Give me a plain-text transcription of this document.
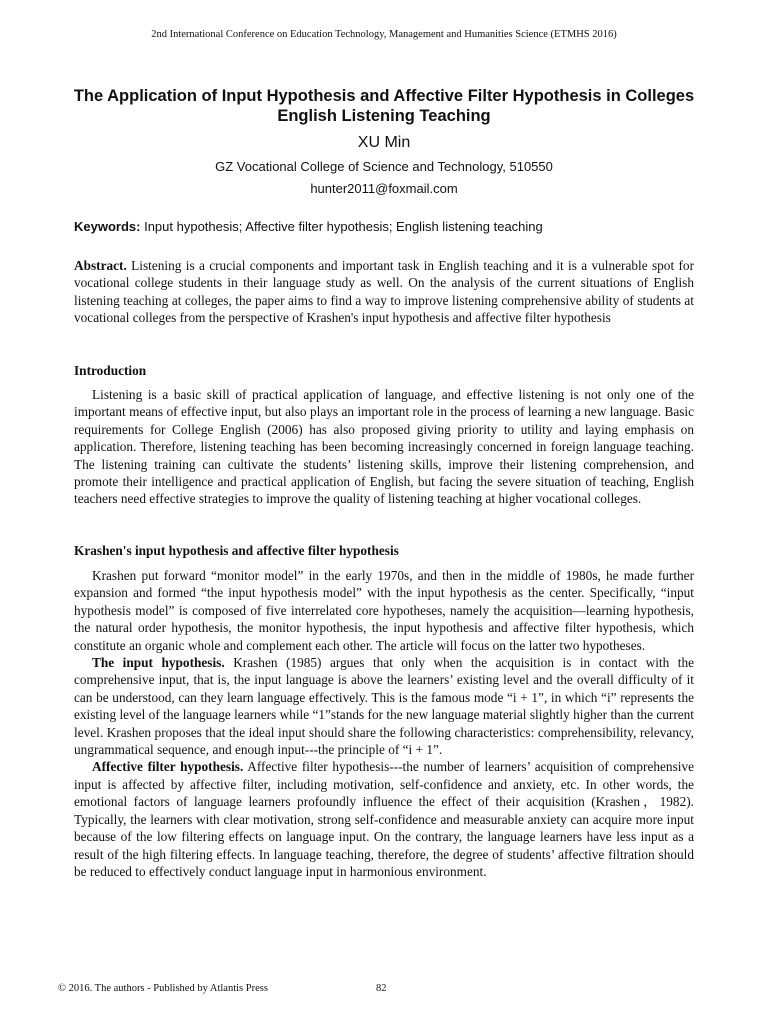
2nd International Conference on Education Technology, Management and Humanities Science (ETMHS 2016)
The Application of Input Hypothesis and Affective Filter Hypothesis in Colleges English Listening Teaching
XU Min
GZ Vocational College of Science and Technology, 510550
hunter2011@foxmail.com
Keywords: Input hypothesis; Affective filter hypothesis; English listening teaching

Abstract. Listening is a crucial components and important task in English teaching and it is a vulnerable spot for vocational college students in their language study as well. On the analysis of the current situations of English listening teaching at colleges, the paper aims to find a way to improve listening comprehensive ability of students at vocational colleges from the perspective of Krashen's input hypothesis and affective filter hypothesis

Introduction

Listening is a basic skill of practical application of language, and effective listening is not only one of the important means of effective input, but also plays an important role in the process of learning a new language. Basic requirements for College English (2006) has also proposed giving priority to utility and laying emphasis on application. Therefore, listening teaching has been becoming increasingly concerned in foreign language teaching. The listening training can cultivate the students’ listening skills, improve their listening comprehension, and promote their intelligence and practical application of English, but facing the severe situation of teaching, English teachers need effective strategies to improve the quality of listening teaching at higher vocational colleges.

Krashen's input hypothesis and affective filter hypothesis

Krashen put forward “monitor model” in the early 1970s, and then in the middle of 1980s, he made further expansion and formed “the input hypothesis model” with the input hypothesis as the center. Specifically, “input hypothesis model” is composed of five interrelated core hypotheses, namely the acquisition—learning hypothesis, the natural order hypothesis, the monitor hypothesis, the input hypothesis and affective filter hypothesis, which constitute an organic whole and complement each other. The article will focus on the latter two hypotheses.

The input hypothesis. Krashen (1985) argues that only when the acquisition is in contact with the comprehensive input, that is, the input language is above the learners’ existing level and the overall difficulty of it can be understood, can they learn language effectively. This is the famous mode “i + 1”, in which “i” represents the existing level of the language learners while “1”stands for the new language material slightly higher than the current level. Krashen proposes that the ideal input should share the following characteristics: comprehensibility, relevancy, ungrammatical sequence, and enough input---the principle of “i + 1”.

Affective filter hypothesis. Affective filter hypothesis---the number of learners’ acquisition of comprehensive input is affected by affective filter, including motivation, self-confidence and anxiety, etc. In other words, the emotional factors of language learners profoundly influence the effect of their acquisition (Krashen，1982). Typically, the learners with clear motivation, strong self-confidence and measurable anxiety can acquire more input because of the low filtering effects on language input. On the contrary, the language learners have less input as a result of the high filtering effects. In language teaching, therefore, the degree of students’ affective filtration should be reduced to effectively conduct language input in harmonious environment.

© 2016. The authors - Published by Atlantis Press	82
